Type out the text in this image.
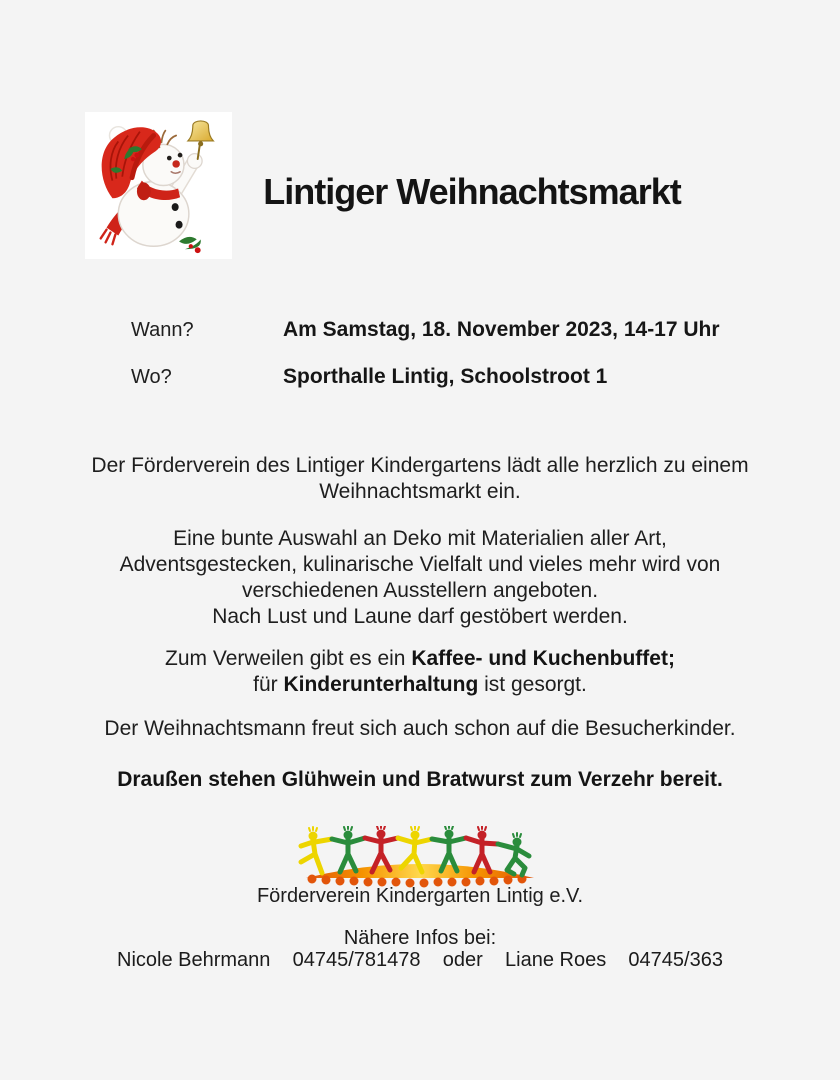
Lintiger Weihnachtsmarkt
Wann?	Am Samstag, 18. November 2023, 14-17 Uhr
Wo?	Sporthalle Lintig, Schoolstroot 1
Der Förderverein des Lintiger Kindergartens lädt alle herzlich zu einem
Weihnachtsmarkt ein.
Eine bunte Auswahl an Deko mit Materialien aller Art,
Adventsgestecken, kulinarische Vielfalt und vieles mehr wird von
verschiedenen Ausstellern angeboten.
Nach Lust und Laune darf gestöbert werden.
Zum Verweilen gibt es ein Kaffee- und Kuchenbuffet;
für Kinderunterhaltung ist gesorgt.
Der Weihnachtsmann freut sich auch schon auf die Besucherkinder.
Draußen stehen Glühwein und Bratwurst zum Verzehr bereit.
Förderverein Kindergarten Lintig e.V.
Nähere Infos bei:
Nicole Behrmann    04745/781478    oder    Liane Roes    04745/363
